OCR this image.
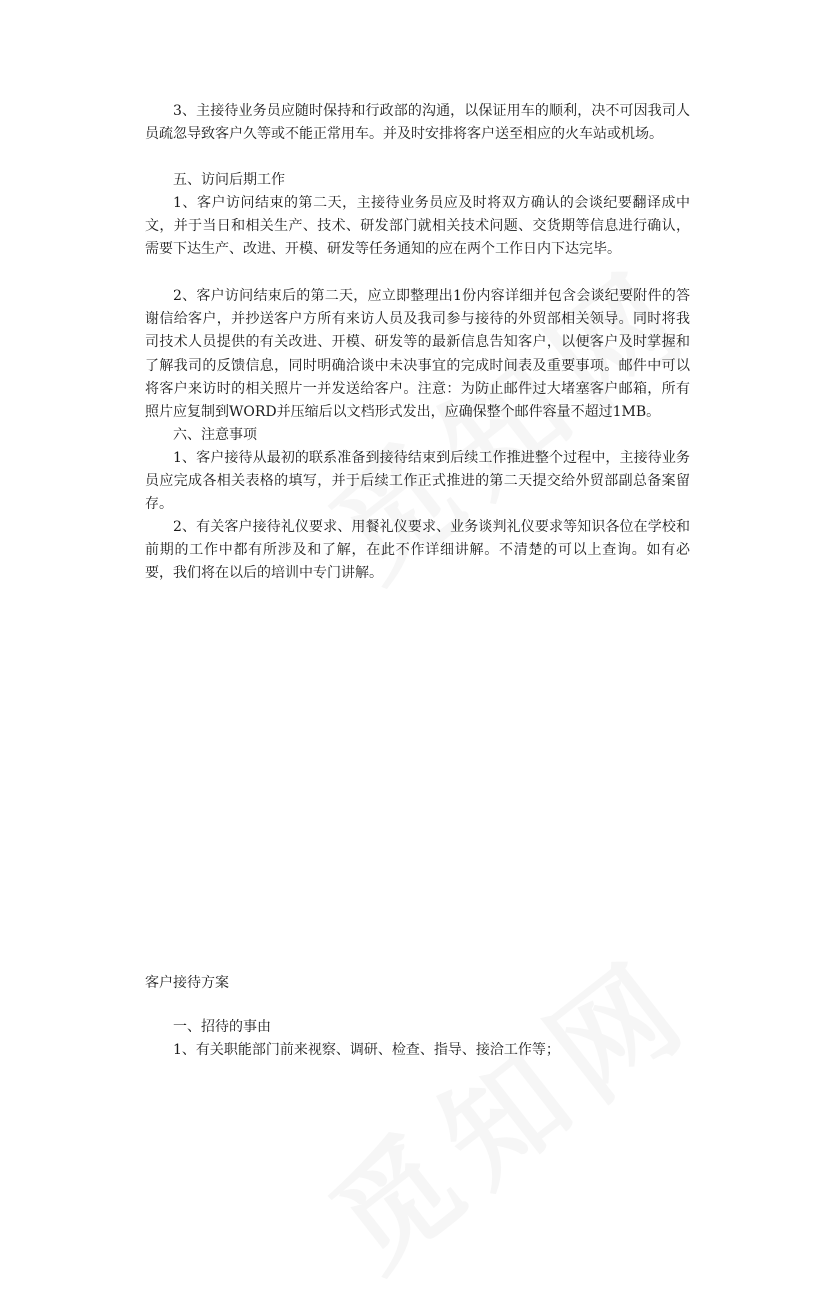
3、主接待业务员应随时保持和行政部的沟通，以保证用车的顺利，决不可因我司人员疏忽导致客户久等或不能正常用车。并及时安排将客户送至相应的火车站或机场。

五、访问后期工作

1、客户访问结束的第二天，主接待业务员应及时将双方确认的会谈纪要翻译成中文，并于当日和相关生产、技术、研发部门就相关技术问题、交货期等信息进行确认，需要下达生产、改进、开模、研发等任务通知的应在两个工作日内下达完毕。

2、客户访问结束后的第二天，应立即整理出1份内容详细并包含会谈纪要附件的答谢信给客户，并抄送客户方所有来访人员及我司参与接待的外贸部相关领导。同时将我司技术人员提供的有关改进、开模、研发等的最新信息告知客户，以便客户及时掌握和了解我司的反馈信息，同时明确洽谈中未决事宜的完成时间表及重要事项。邮件中可以将客户来访时的相关照片一并发送给客户。注意：为防止邮件过大堵塞客户邮箱，所有照片应复制到WORD并压缩后以文档形式发出，应确保整个邮件容量不超过1MB。

六、注意事项

1、客户接待从最初的联系准备到接待结束到后续工作推进整个过程中，主接待业务员应完成各相关表格的填写，并于后续工作正式推进的第二天提交给外贸部副总备案留存。

2、有关客户接待礼仪要求、用餐礼仪要求、业务谈判礼仪要求等知识各位在学校和前期的工作中都有所涉及和了解，在此不作详细讲解。不清楚的可以上查询。如有必要，我们将在以后的培训中专门讲解。

客户接待方案

一、招待的事由

1、有关职能部门前来视察、调研、检查、指导、接洽工作等；
